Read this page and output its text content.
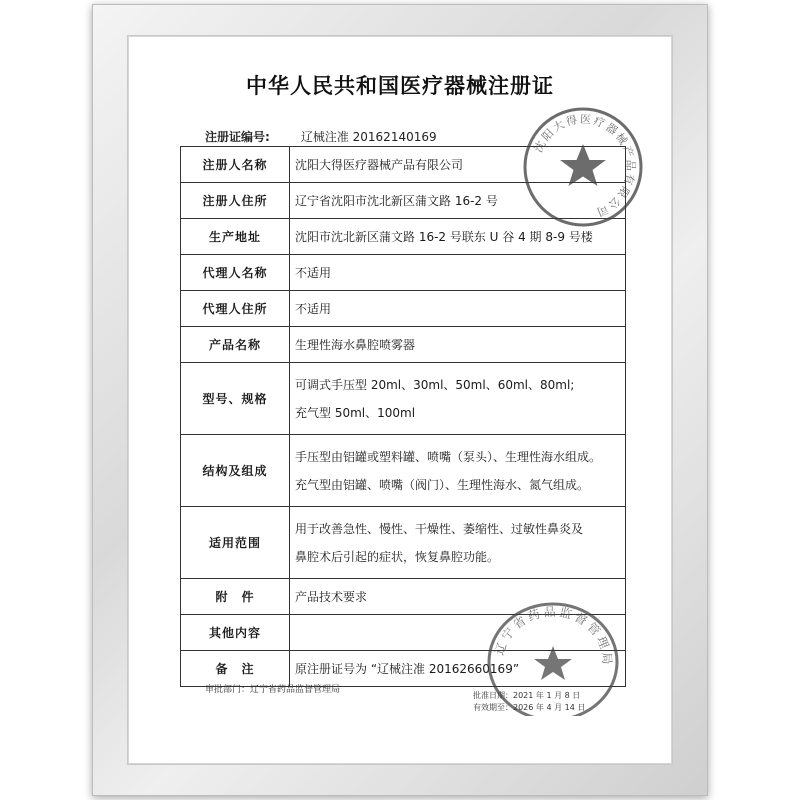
中华人民共和国医疗器械注册证
注册证编号:	辽械注准 20162140169
注册人名称	沈阳大得医疗器械产品有限公司
注册人住所	辽宁省沈阳市沈北新区蒲文路 16-2 号
生产地址	沈阳市沈北新区蒲文路 16-2 号联东 U 谷 4 期 8-9 号楼
代理人名称	不适用
代理人住所	不适用
产品名称	生理性海水鼻腔喷雾器
型号、规格	可调式手压型 20ml、30ml、50ml、60ml、80ml;
充气型 50ml、100ml

结构及组成	手压型由铝罐或塑料罐、喷嘴（泵头）、生理性海水组成。
充气型由铝罐、喷嘴（阀门）、生理性海水、氮气组成。

适用范围	用于改善急性、慢性、干燥性、萎缩性、过敏性鼻炎及
鼻腔术后引起的症状，恢复鼻腔功能。

附　件	产品技术要求
其他内容	
备　注	原注册证号为 “辽械注准 20162660169”
审批部门：辽宁省药品监督管理局
批准日期：2021 年 1 月 8 日
有效期至：2026 年 4 月 14 日
沈阳大得医疗器械产品有限公司
辽宁省药品监督管理局
